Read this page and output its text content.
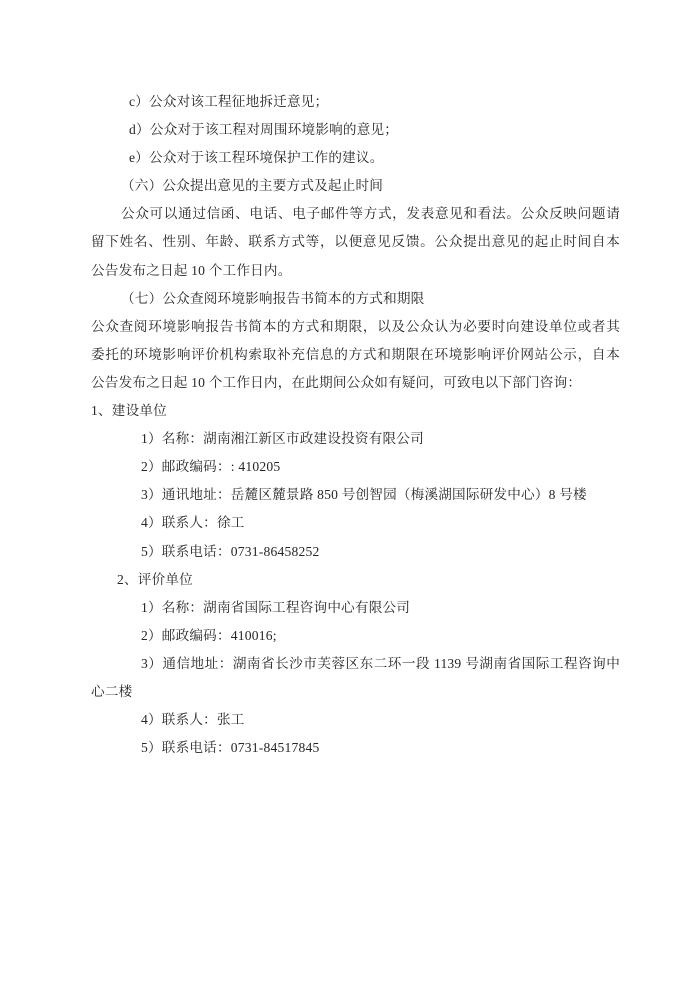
c）公众对该工程征地拆迁意见；
d）公众对于该工程对周围环境影响的意见；
e）公众对于该工程环境保护工作的建议。
（六）公众提出意见的主要方式及起止时间
公众可以通过信函、电话、电子邮件等方式，发表意见和看法。公众反映问题请
留下姓名、性别、年龄、联系方式等，以便意见反馈。公众提出意见的起止时间自本
公告发布之日起 10 个工作日内。
（七）公众查阅环境影响报告书简本的方式和期限
公众查阅环境影响报告书简本的方式和期限，以及公众认为必要时向建设单位或者其
委托的环境影响评价机构索取补充信息的方式和期限在环境影响评价网站公示，自本
公告发布之日起 10 个工作日内，在此期间公众如有疑问，可致电以下部门咨询：
1、建设单位
1）名称：湖南湘江新区市政建设投资有限公司
2）邮政编码：: 410205
3）通讯地址：岳麓区麓景路 850 号创智园（梅溪湖国际研发中心）8 号楼
4）联系人：徐工
5）联系电话：0731-86458252
2、评价单位
1）名称：湖南省国际工程咨询中心有限公司
2）邮政编码：410016;
3）通信地址：湖南省长沙市芙蓉区东二环一段 1139 号湖南省国际工程咨询中
心二楼
4）联系人：张工
5）联系电话：0731-84517845
